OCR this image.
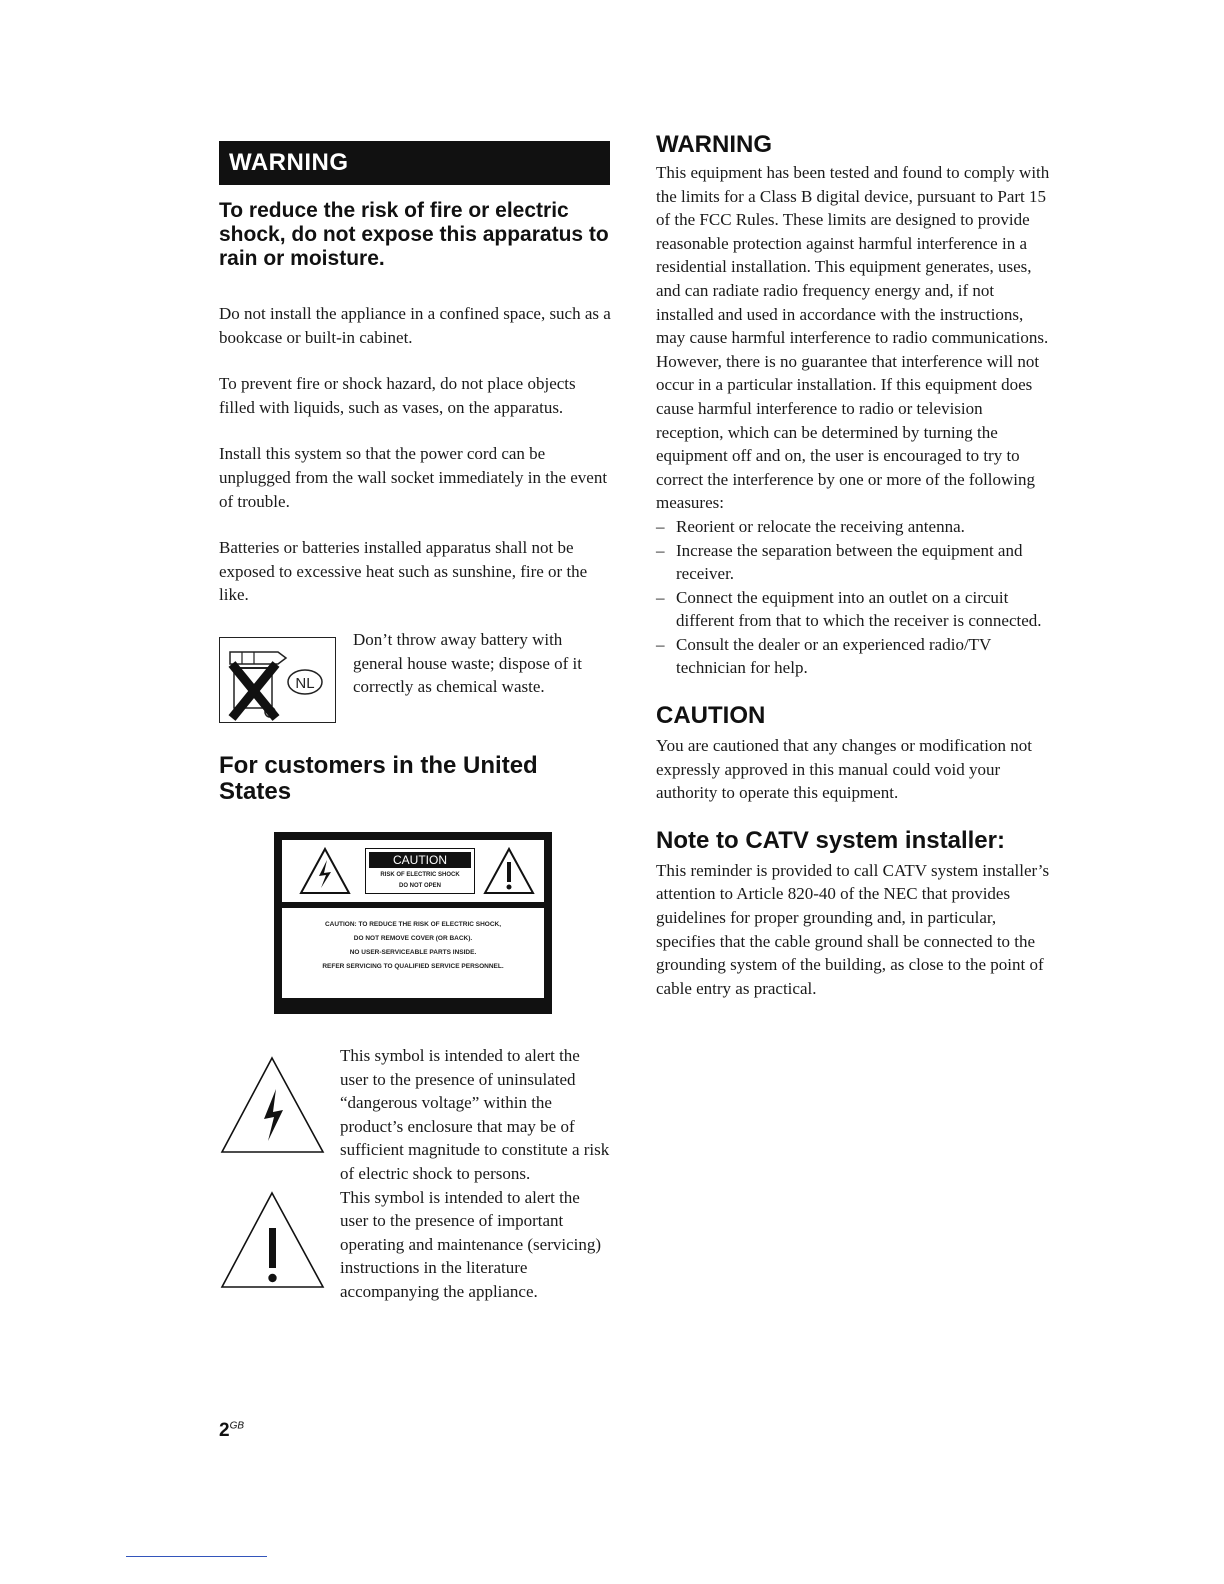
WARNING
To reduce the risk of fire or electric shock, do not expose this apparatus to rain or moisture.

Do not install the appliance in a confined space, such as a bookcase or built-in cabinet.

To prevent fire or shock hazard, do not place objects filled with liquids, such as vases, on the apparatus.

Install this system so that the power cord can be unplugged from the wall socket immediately in the event of trouble.

Batteries or batteries installed apparatus shall not be exposed to excessive heat such as sunshine, fire or the like.

NL

Don’t throw away battery with general house waste; dispose of it correctly as chemical waste.

For customers in the United States
CAUTION
RISK OF ELECTRIC SHOCK
DO NOT OPEN
CAUTION: TO REDUCE THE RISK OF ELECTRIC SHOCK,
DO NOT REMOVE COVER (OR BACK).
NO USER-SERVICEABLE PARTS INSIDE.
REFER SERVICING TO QUALIFIED SERVICE PERSONNEL.

This symbol is intended to alert the user to the presence of uninsulated “dangerous voltage” within the product’s enclosure that may be of sufficient magnitude to constitute a risk of electric shock to persons.

This symbol is intended to alert the user to the presence of important operating and maintenance (servicing) instructions in the literature accompanying the appliance.

WARNING

This equipment has been tested and found to comply with the limits for a Class B digital device, pursuant to Part 15 of the FCC Rules. These limits are designed to provide reasonable protection against harmful interference in a residential installation. This equipment generates, uses, and can radiate radio frequency energy and, if not installed and used in accordance with the instructions, may cause harmful interference to radio communications. However, there is no guarantee that interference will not occur in a particular installation. If this equipment does cause harmful interference to radio or television reception, which can be determined by turning the equipment off and on, the user is encouraged to try to correct the interference by one or more of the following measures:

– Reorient or relocate the receiving antenna.
– Increase the separation between the equipment and receiver.
– Connect the equipment into an outlet on a circuit different from that to which the receiver is connected.
– Consult the dealer or an experienced radio/TV technician for help.
CAUTION

You are cautioned that any changes or modification not expressly approved in this manual could void your authority to operate this equipment.

Note to CATV system installer:

This reminder is provided to call CATV system installer’s attention to Article 820-40 of the NEC that provides guidelines for proper grounding and, in particular, specifies that the cable ground shall be connected to the grounding system of the building, as close to the point of cable entry as practical.

$2^{GB}$
